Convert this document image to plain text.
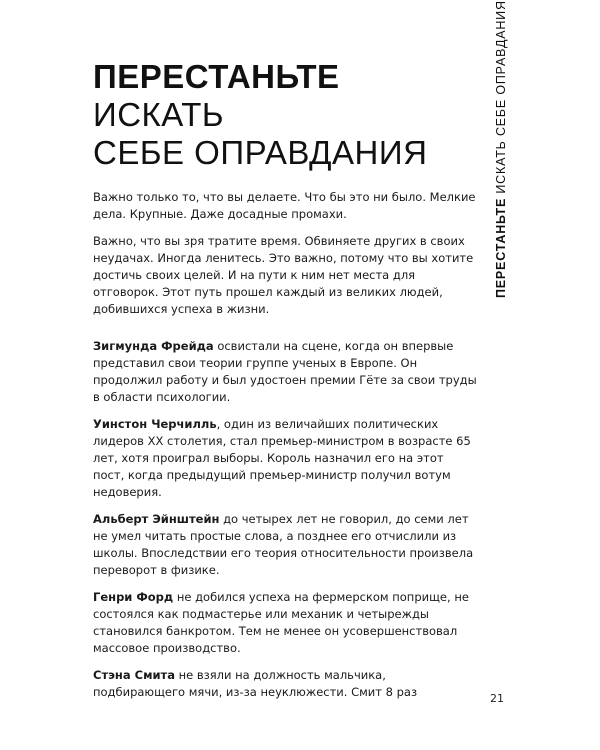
ПЕРЕСТАНЬТЕ ИСКАТЬ
СЕБЕ ОПРАВДАНИЯ

Важно только то, что вы делаете. Что бы это ни было. Мелкие дела. Крупные. Даже досадные промахи.

Важно, что вы зря тратите время. Обвиняете других в своих неудачах. Иногда ленитесь. Это важно, потому что вы хотите достичь своих целей. И на пути к ним нет места для отговорок. Этот путь прошел каждый из великих людей, добившихся успеха в жизни.

Зигмунда Фрейда освистали на сцене, когда он впервые представил свои теории группе ученых в Европе. Он продолжил работу и был удостоен премии Гёте за свои труды в области психологии.

Уинстон Черчилль, один из величайших политических лидеров XX столетия, стал премьер-министром в возрасте 65 лет, хотя проиграл выборы. Король назначил его на этот пост, когда предыдущий премьер-министр получил вотум недоверия.

Альберт Эйнштейн до четырех лет не говорил, до семи лет не умел читать простые слова, а позднее его отчислили из школы. Впоследствии его теория относительности произвела переворот в физике.

Генри Форд не добился успеха на фермерском поприще, не состоялся как подмастерье или механик и четырежды становился банкротом. Тем не менее он усовершенствовал массовое производство.

Стэна Смита не взяли на должность мальчика, подбирающего мячи, из-за неуклюжести. Смит 8 раз

ПЕРЕСТАНЬТЕ ИСКАТЬ СЕБЕ ОПРАВДАНИЯ
21
